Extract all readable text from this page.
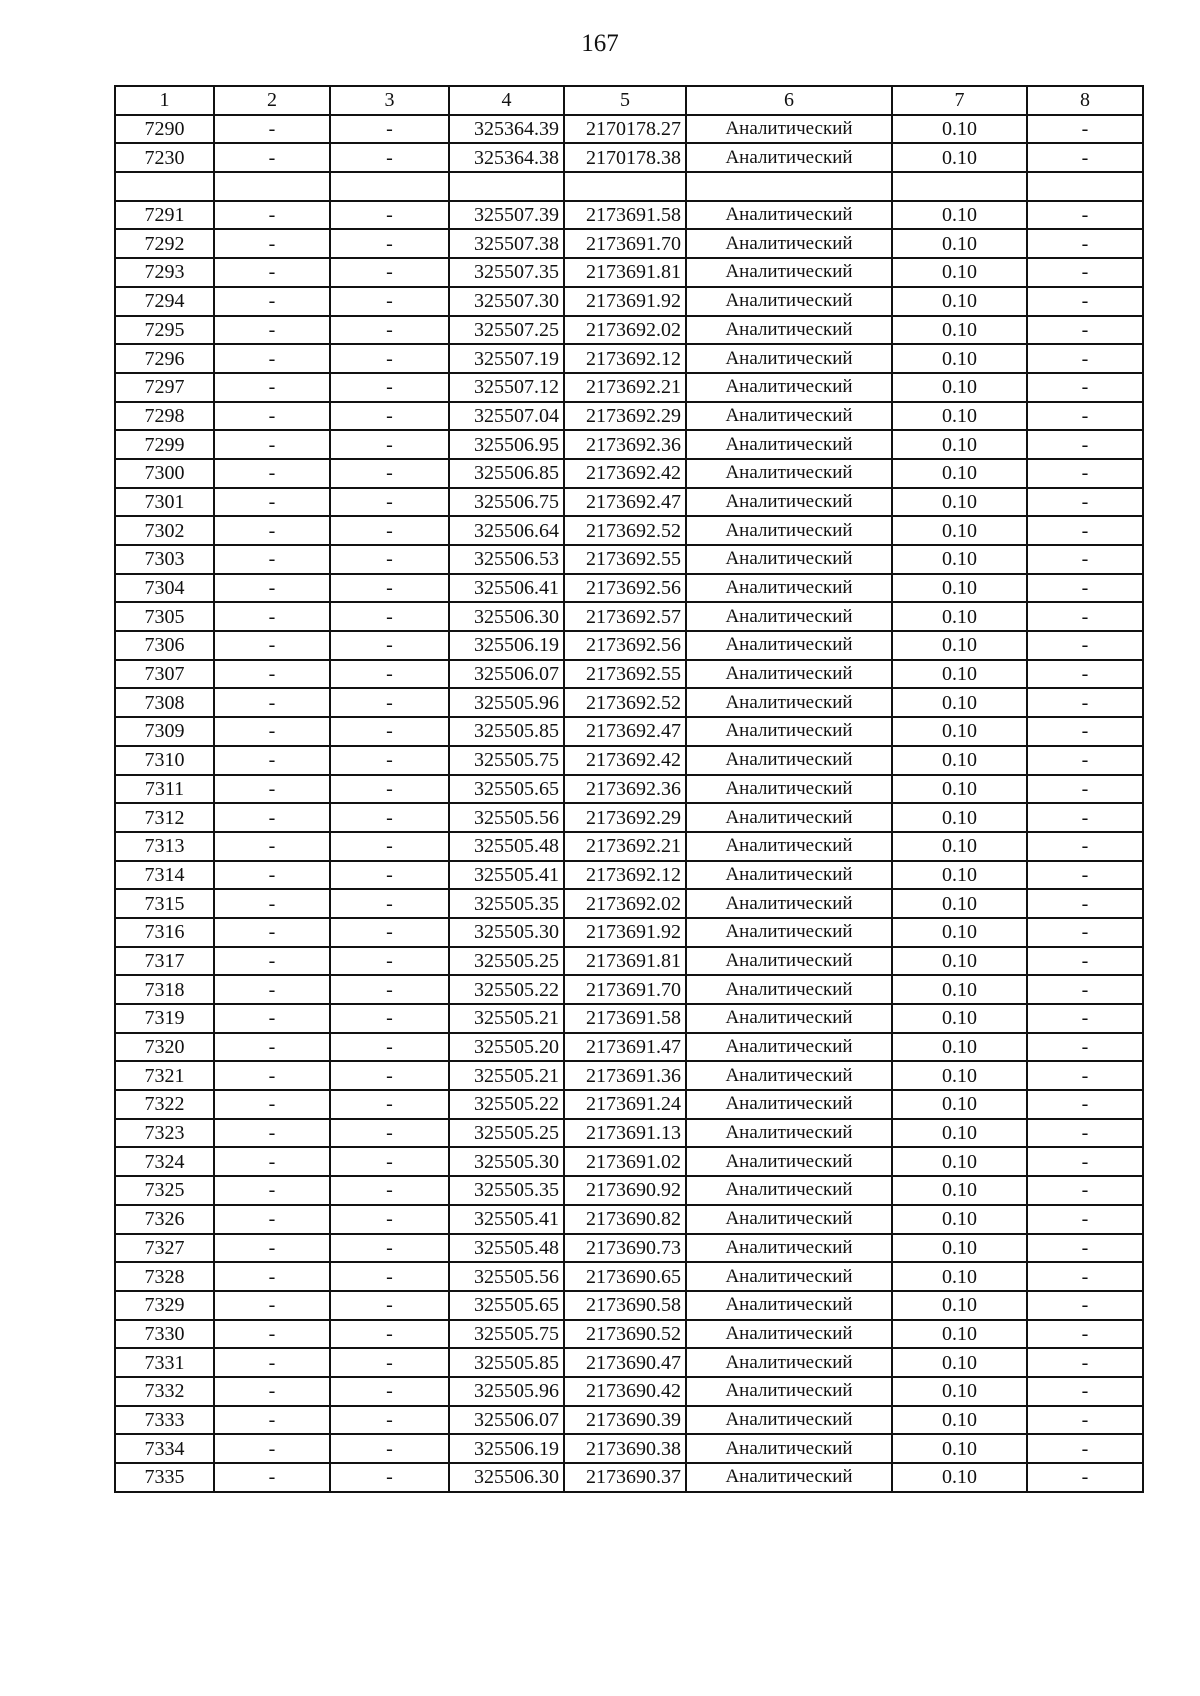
167
1	2	3	4	5	6	7	8
7290	-	-	325364.39	2170178.27	Аналитический	0.10	-
7230	-	-	325364.38	2170178.38	Аналитический	0.10	-

7291	-	-	325507.39	2173691.58	Аналитический	0.10	-
7292	-	-	325507.38	2173691.70	Аналитический	0.10	-
7293	-	-	325507.35	2173691.81	Аналитический	0.10	-
7294	-	-	325507.30	2173691.92	Аналитический	0.10	-
7295	-	-	325507.25	2173692.02	Аналитический	0.10	-
7296	-	-	325507.19	2173692.12	Аналитический	0.10	-
7297	-	-	325507.12	2173692.21	Аналитический	0.10	-
7298	-	-	325507.04	2173692.29	Аналитический	0.10	-
7299	-	-	325506.95	2173692.36	Аналитический	0.10	-
7300	-	-	325506.85	2173692.42	Аналитический	0.10	-
7301	-	-	325506.75	2173692.47	Аналитический	0.10	-
7302	-	-	325506.64	2173692.52	Аналитический	0.10	-
7303	-	-	325506.53	2173692.55	Аналитический	0.10	-
7304	-	-	325506.41	2173692.56	Аналитический	0.10	-
7305	-	-	325506.30	2173692.57	Аналитический	0.10	-
7306	-	-	325506.19	2173692.56	Аналитический	0.10	-
7307	-	-	325506.07	2173692.55	Аналитический	0.10	-
7308	-	-	325505.96	2173692.52	Аналитический	0.10	-
7309	-	-	325505.85	2173692.47	Аналитический	0.10	-
7310	-	-	325505.75	2173692.42	Аналитический	0.10	-
7311	-	-	325505.65	2173692.36	Аналитический	0.10	-
7312	-	-	325505.56	2173692.29	Аналитический	0.10	-
7313	-	-	325505.48	2173692.21	Аналитический	0.10	-
7314	-	-	325505.41	2173692.12	Аналитический	0.10	-
7315	-	-	325505.35	2173692.02	Аналитический	0.10	-
7316	-	-	325505.30	2173691.92	Аналитический	0.10	-
7317	-	-	325505.25	2173691.81	Аналитический	0.10	-
7318	-	-	325505.22	2173691.70	Аналитический	0.10	-
7319	-	-	325505.21	2173691.58	Аналитический	0.10	-
7320	-	-	325505.20	2173691.47	Аналитический	0.10	-
7321	-	-	325505.21	2173691.36	Аналитический	0.10	-
7322	-	-	325505.22	2173691.24	Аналитический	0.10	-
7323	-	-	325505.25	2173691.13	Аналитический	0.10	-
7324	-	-	325505.30	2173691.02	Аналитический	0.10	-
7325	-	-	325505.35	2173690.92	Аналитический	0.10	-
7326	-	-	325505.41	2173690.82	Аналитический	0.10	-
7327	-	-	325505.48	2173690.73	Аналитический	0.10	-
7328	-	-	325505.56	2173690.65	Аналитический	0.10	-
7329	-	-	325505.65	2173690.58	Аналитический	0.10	-
7330	-	-	325505.75	2173690.52	Аналитический	0.10	-
7331	-	-	325505.85	2173690.47	Аналитический	0.10	-
7332	-	-	325505.96	2173690.42	Аналитический	0.10	-
7333	-	-	325506.07	2173690.39	Аналитический	0.10	-
7334	-	-	325506.19	2173690.38	Аналитический	0.10	-
7335	-	-	325506.30	2173690.37	Аналитический	0.10	-
